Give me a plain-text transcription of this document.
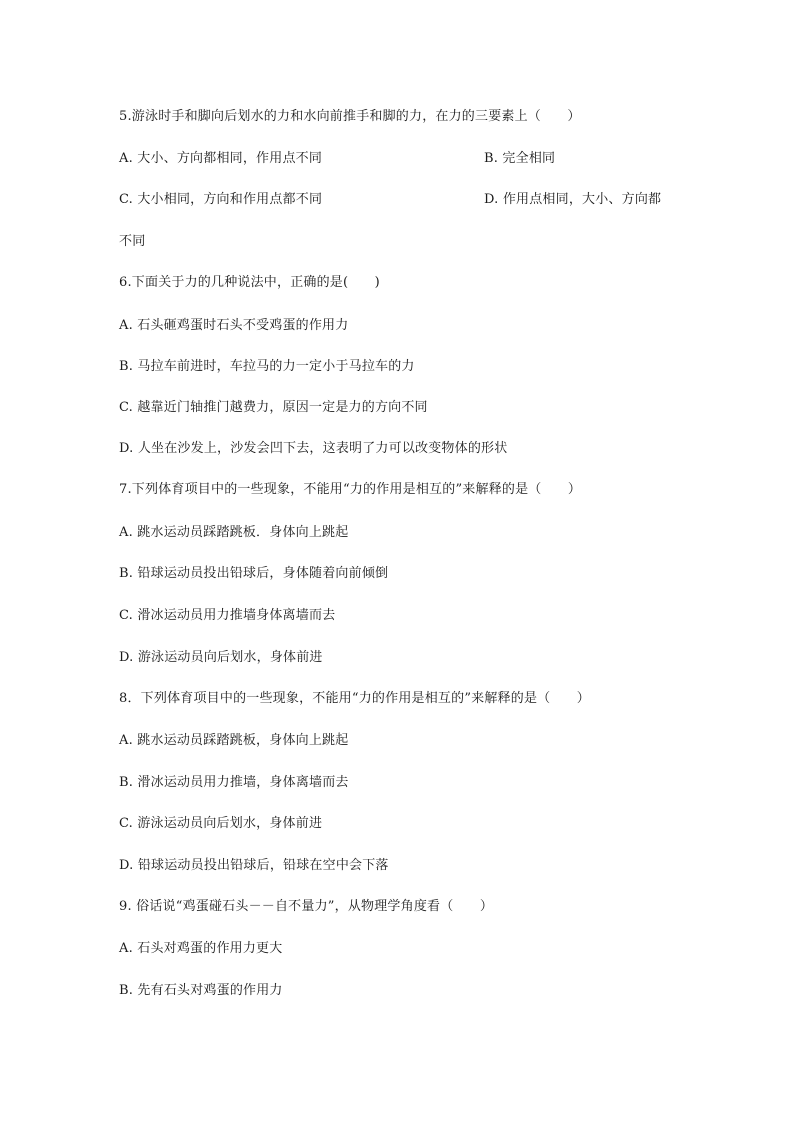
5.游泳时手和脚向后划水的力和水向前推手和脚的力，在力的三要素上（　　）
A. 大小、方向都相同，作用点不同	B. 完全相同
C. 大小相同，方向和作用点都不同	D. 作用点相同，大小、方向都
不同
6.下面关于力的几种说法中，正确的是(　　)
A. 石头砸鸡蛋时石头不受鸡蛋的作用力
B. 马拉车前进时，车拉马的力一定小于马拉车的力
C. 越靠近门轴推门越费力，原因一定是力的方向不同
D. 人坐在沙发上，沙发会凹下去，这表明了力可以改变物体的形状
7.下列体育项目中的一些现象，不能用“力的作用是相互的”来解释的是（　　）
A. 跳水运动员踩踏跳板．身体向上跳起
B. 铅球运动员投出铅球后，身体随着向前倾倒
C. 滑冰运动员用力推墙身体离墙而去
D. 游泳运动员向后划水，身体前进
8．下列体育项目中的一些现象，不能用“力的作用是相互的”来解释的是（　　）
A. 跳水运动员踩踏跳板，身体向上跳起
B. 滑冰运动员用力推墙，身体离墙而去
C. 游泳运动员向后划水，身体前进
D. 铅球运动员投出铅球后，铅球在空中会下落
9. 俗话说“鸡蛋碰石头－－自不量力”，从物理学角度看（　　）
A. 石头对鸡蛋的作用力更大
B. 先有石头对鸡蛋的作用力
